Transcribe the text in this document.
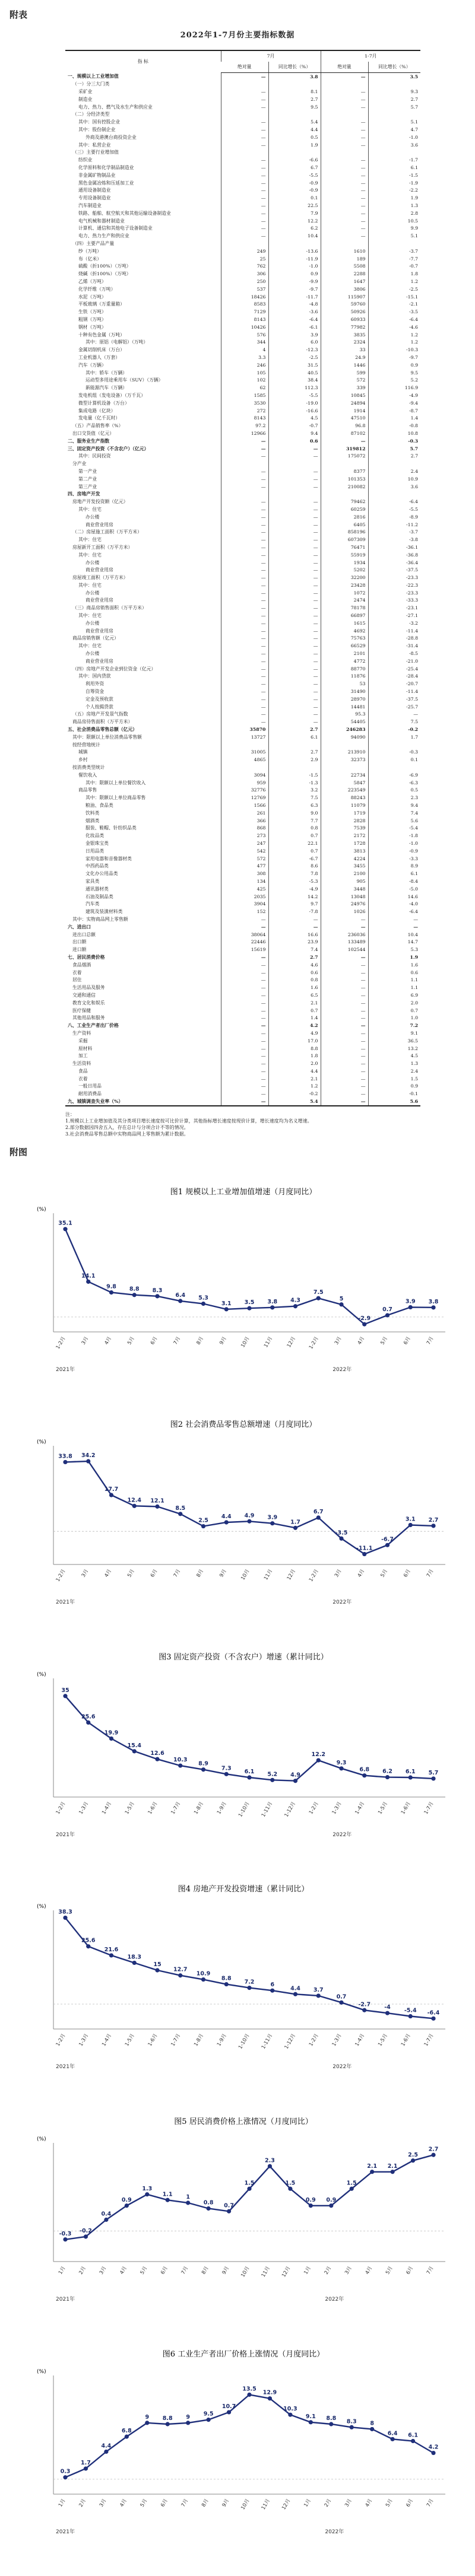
附表
2022年1-7月份主要指标数据
指 标	7月		1-7月	
	绝对量	同比增长（%）	绝对量	同比增长（%）
一、规模以上工业增加值	—	3.8	—	3.5
（一）分三大门类				
采矿业	—	8.1	—	9.3
制造业	—	2.7	—	2.7
电力、热力、燃气及水生产和供应业	—	9.5	—	5.7
（二）分经济类型				
其中：国有控股企业	—	5.4	—	5.1
其中：股份制企业	—	4.4	—	4.7
外商及港澳台商投资企业	—	0.5	—	-1.0
其中：私营企业	—	1.9	—	3.6
（三）主要行业增加值				
纺织业	—	-6.6	—	-1.7
化学原料和化学制品制造业	—	6.7	—	6.1
非金属矿物制品业	—	-5.5	—	-1.5
黑色金属冶炼和压延加工业	—	-0.9	—	-1.9
通用设备制造业	—	-0.9	—	-2.2
专用设备制造业	—	0.1	—	1.9
汽车制造业	—	22.5	—	1.3
铁路、船舶、航空航天和其他运输设备制造业	—	7.9	—	2.8
电气机械和器材制造业	—	12.2	—	10.5
计算机、通信和其他电子设备制造业	—	6.2	—	9.9
电力、热力生产和供应业	—	10.4	—	5.1
（四）主要产品产量				
纱（万吨）	249	-13.6	1610	-3.7
布（亿米）	25	-11.9	189	-7.7
硫酸（折100%）（万吨）	762	-1.0	5508	-0.7
烧碱（折100%）（万吨）	306	0.9	2288	1.8
乙烯（万吨）	250	-9.9	1647	1.2
化学纤维（万吨）	537	-9.7	3806	-2.5
水泥（万吨）	18426	-11.7	115907	-15.1
平板玻璃（万重量箱）	8583	-4.8	59760	-2.1
生铁（万吨）	7129	-3.6	50926	-3.5
粗钢（万吨）	8143	-6.4	60933	-6.4
钢材（万吨）	10426	-6.1	77982	-4.6
十种有色金属（万吨）	576	3.9	3835	1.2
其中：原铝（电解铝）（万吨）	344	6.0	2324	1.2
金属切削机床（万台）	4	-12.3	33	-10.3
工业机器人（万套）	3.3	-2.5	24.9	-9.7
汽车（万辆）	246	31.5	1446	0.9
其中：轿车（万辆）	105	40.5	599	9.5
运动型多用途乘用车（SUV）（万辆）	102	38.4	572	5.2
新能源汽车（万辆）	62	112.3	339	116.9
发电机组（发电设备）（万千瓦）	1585	-5.5	10845	-4.9
微型计算机设备（万台）	3530	-19.0	24894	-9.4
集成电路（亿块）	272	-16.6	1914	-8.7
发电量（亿千瓦时）	8143	4.5	47510	1.4
（五）产品销售率（%）	97.2	-0.7	96.8	-0.8
出口交货值（亿元）	12966	9.4	87102	10.8
二、服务业生产指数	—	0.6	—	-0.3
三、固定资产投资（不含农户）（亿元）	—	—	319812	5.7
其中：民间投资	—	—	175072	2.7
分产业				
第一产业	—	—	8377	2.4
第二产业	—	—	101353	10.9
第三产业	—	—	210082	3.6
四、房地产开发				
房地产开发投资额（亿元）	—	—	79462	-6.4
其中：住宅	—	—	60259	-5.5
办公楼	—	—	2816	-8.9
商业营业用房	—	—	6405	-11.2
（二）房屋施工面积（万平方米）	—	—	858196	-3.7
其中：住宅	—	—	607309	-3.8
房屋新开工面积（万平方米）	—	—	76471	-36.1
其中：住宅	—	—	55919	-36.8
办公楼	—	—	1934	-36.4
商业营业用房	—	—	5202	-37.5
房屋竣工面积（万平方米）	—	—	32200	-23.3
其中：住宅	—	—	23428	-22.3
办公楼	—	—	1072	-23.3
商业营业用房	—	—	2474	-33.3
（三）商品房销售面积（万平方米）	—	—	78178	-23.1
其中：住宅	—	—	66897	-27.1
办公楼	—	—	1615	-3.2
商业营业用房	—	—	4692	-11.4
商品房销售额（亿元）	—	—	75763	-28.8
其中：住宅	—	—	66529	-31.4
办公楼	—	—	2101	-8.5
商业营业用房	—	—	4772	-21.0
（四）房地产开发企业到位资金（亿元）	—	—	88770	-25.4
其中：国内贷款	—	—	11876	-28.4
利用外资	—	—	53	-20.7
自筹资金	—	—	31490	-11.4
定金及预收款	—	—	28970	-37.5
个人按揭贷款	—	—	14481	-25.7
（五）房地产开发景气指数	—	—	95.3	—
商品房待售面积（万平方米）	—	—	54405	7.5
五、社会消费品零售总额（亿元）	35870	2.7	246283	-0.2
其中：限额以上单位消费品零售额	13727	6.1	94090	1.7
按经营地统计				
城镇	31005	2.7	213910	-0.3
乡村	4865	2.9	32373	0.1
按消费类型统计				
餐饮收入	3094	-1.5	22734	-6.9
其中：限额以上单位餐饮收入	959	-1.3	5847	-6.3
商品零售	32776	3.2	223549	0.5
其中：限额以上单位商品零售	12769	7.5	88243	2.3
粮油、食品类	1566	6.3	11079	9.4
饮料类	261	9.0	1719	7.4
烟酒类	366	7.7	2828	5.6
服装、鞋帽、针纺织品类	868	0.8	7539	-5.4
化妆品类	273	0.7	2172	-1.8
金银珠宝类	247	22.1	1728	-1.0
日用品类	542	0.7	3813	-0.9
家用电器和音像器材类	572	-6.7	4224	-3.3
中西药品类	477	8.6	3455	8.9
文化办公用品类	308	7.8	2100	6.1
家具类	134	-5.3	905	-8.4
通讯器材类	425	-4.9	3448	-5.0
石油及制品类	2035	14.2	13048	14.6
汽车类	3904	9.7	24976	-4.0
建筑及装潢材料类	152	-7.8	1026	-6.4
其中：实物商品网上零售额	—	—	—	—
六、进出口	—	—	—	—
进出口总额	38064	16.6	236036	10.4
出口额	22446	23.9	133489	14.7
进口额	15619	7.4	102544	5.3
七、居民消费价格	—	2.7	—	1.9
食品烟酒	—	4.6	—	1.6
衣着	—	0.6	—	0.6
居住	—	0.8	—	1.1
生活用品及服务	—	1.6	—	1.1
交通和通信	—	6.5	—	6.9
教育文化和娱乐	—	2.1	—	2.0
医疗保健	—	0.7	—	0.7
其他用品和服务	—	1.4	—	1.0
八、工业生产者出厂价格	—	4.2	—	7.2
生产资料	—	4.9	—	9.1
采掘	—	17.0	—	36.5
原材料	—	8.8	—	13.2
加工	—	1.8	—	4.5
生活资料	—	2.0	—	1.3
食品	—	4.4	—	2.4
衣着	—	2.1	—	1.5
一般日用品	—	1.2	—	0.9
耐用消费品	—	-0.2	—	-0.1
九、城镇调查失业率（%）	—	5.4	—	5.6
注：
1.规模以上工业增加值及其分类项目增长速度按可比价计算，其他指标增长速度按现价计算，增长速度均为名义增速。
2.部分数据因四舍五入，存在总计与分项合计不等的情况。
3.社会消费品零售总额中实物商品网上零售额为累计数据。
附图
图1 规模以上工业增加值增速（月度同比）
(%)
35.1
1-2月
14.1
3月
9.8
4月
8.8
5月
8.3
6月
6.4
7月
5.3
8月
3.1
9月
3.5
10月
3.8
11月
4.3
12月
7.5
1-2月
5
3月
-2.9
4月
0.7
5月
3.9
6月
3.8
7月
2021年	2022年
图2 社会消费品零售总额增速（月度同比）
(%)
33.8
1-2月
34.2
3月
17.7
4月
12.4
5月
12.1
6月
8.5
7月
2.5
8月
4.4
9月
4.9
10月
3.9
11月
1.7
12月
6.7
1-2月
-3.5
3月
-11.1
4月
-6.7
5月
3.1
6月
2.7
7月
2021年	2022年
图3 固定资产投资（不含农户）增速（累计同比）
(%)
35
1-2月
25.6
1-3月
19.9
1-4月
15.4
1-5月
12.6
1-6月
10.3
1-7月
8.9
1-8月
7.3
1-9月
6.1
1-10月
5.2
1-11月
4.9
1-12月
12.2
1-2月
9.3
1-3月
6.8
1-4月
6.2
1-5月
6.1
1-6月
5.7
1-7月
2021年	2022年
图4 房地产开发投资增速（累计同比）
(%)
38.3
1-2月
25.6
1-3月
21.6
1-4月
18.3
1-5月
15
1-6月
12.7
1-7月
10.9
1-8月
8.8
1-9月
7.2
1-10月
6
1-11月
4.4
1-12月
3.7
1-2月
0.7
1-3月
-2.7
1-4月
-4
1-5月
-5.4
1-6月
-6.4
1-7月
2021年	2022年
图5 居民消费价格上涨情况（月度同比）
(%)
-0.3
1月
-0.2
2月
0.4
3月
0.9
4月
1.3
5月
1.1
6月
1
7月
0.8
8月
0.7
9月
1.5
10月
2.3
11月
1.5
12月
0.9
1月
0.9
2月
1.5
3月
2.1
4月
2.1
5月
2.5
6月
2.7
7月
2021年	2022年
图6 工业生产者出厂价格上涨情况（月度同比）
(%)
0.3
1月
1.7
2月
4.4
3月
6.8
4月
9
5月
8.8
6月
9
7月
9.5
8月
10.7
9月
13.5
10月
12.9
11月
10.3
12月
9.1
1月
8.8
2月
8.3
3月
8
4月
6.4
5月
6.1
6月
4.2
7月
2021年	2022年
